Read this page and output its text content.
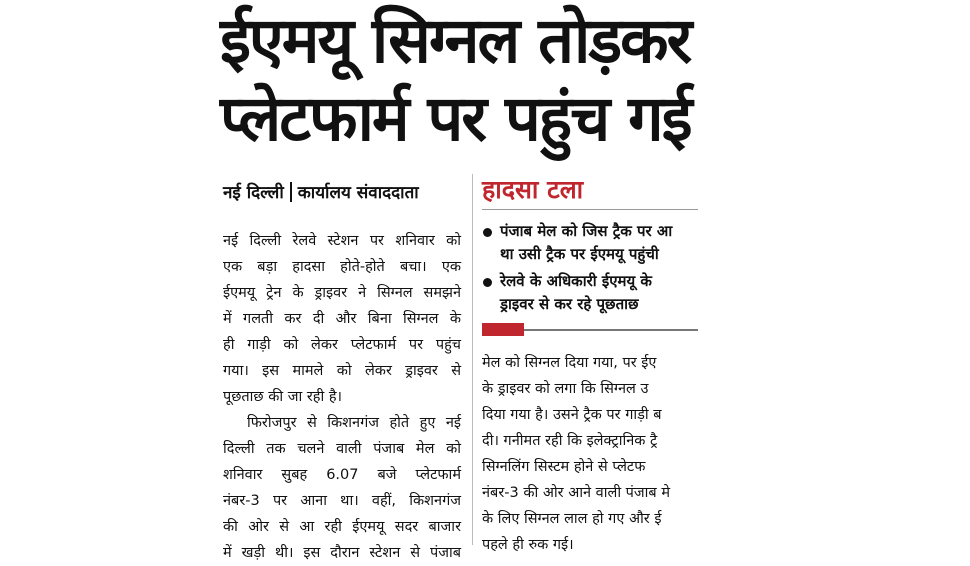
ईएमयू सिग्नल तोड़कर
प्लेटफार्म पर पहुंच गई
नई दिल्ली कार्यालय संवाददाता

नई दिल्ली रेलवे स्टेशन पर शनिवार को

एक बड़ा हादसा होते-होते बचा। एक

ईएमयू ट्रेन के ड्राइवर ने सिग्नल समझने

में गलती कर दी और बिना सिग्नल के

ही गाड़ी को लेकर प्लेटफार्म पर पहुंच

गया। इस मामले को लेकर ड्राइवर से

पूछताछ की जा रही है।

फिरोजपुर से किशनगंज होते हुए नई

दिल्ली तक चलने वाली पंजाब मेल को

शनिवार सुबह 6.07 बजे प्लेटफार्म

नंबर-3 पर आना था। वहीं, किशनगंज

की ओर से आ रही ईएमयू सदर बाजार

में खड़ी थी। इस दौरान स्टेशन से पंजाब

हादसा टला
पंजाब मेल को जिस ट्रैक पर आ
था उसी ट्रैक पर ईएमयू पहुंची
रेलवे के अधिकारी ईएमयू के
ड्राइवर से कर रहे पूछताछ

मेल को सिग्नल दिया गया, पर ईए

के ड्राइवर को लगा कि सिग्नल उ

दिया गया है। उसने ट्रैक पर गाड़ी ब

दी। गनीमत रही कि इलेक्ट्रानिक ट्रै

सिग्नलिंग सिस्टम होने से प्लेटफ

नंबर-3 की ओर आने वाली पंजाब मे

के लिए सिग्नल लाल हो गए और ई

पहले ही रुक गई।
